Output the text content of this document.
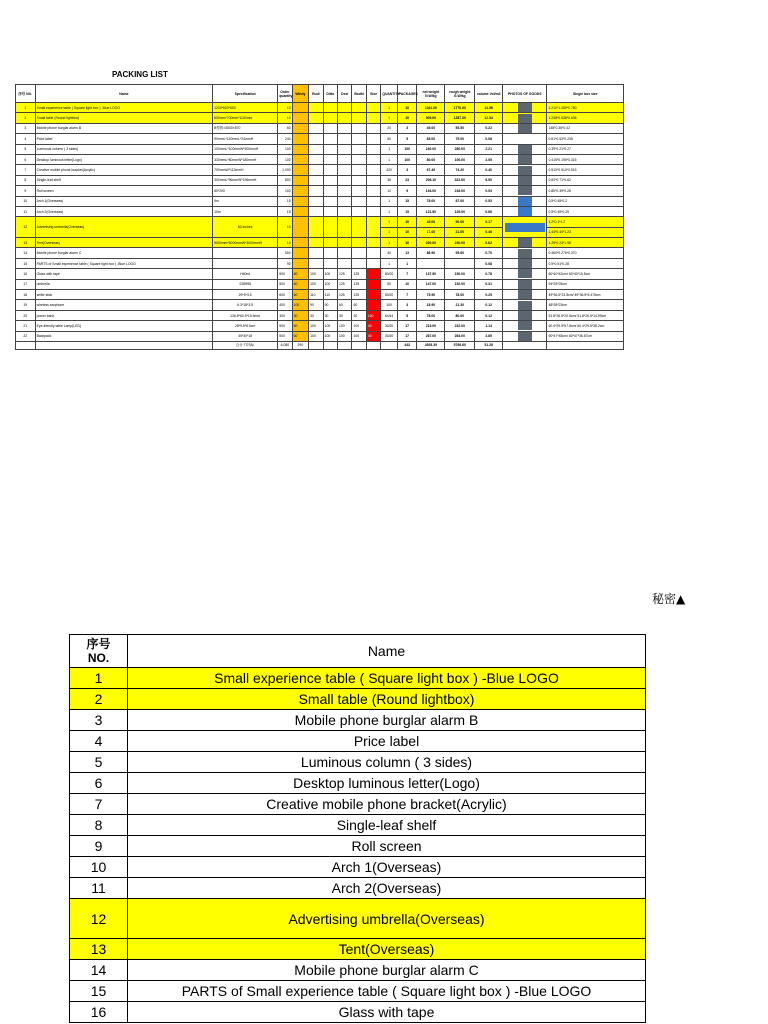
PACKING LIST
序号 NO.	Name	Specification	Order quantity	Windy	Rudi	Ditto	Dexi	Bodhi	Sise	QUANTITY	PACKAGES	net weight N.W/kg	rough weight G.W/kg	volume Vol/m3	PHOTOS OF GOODS	Single box size
1	Small experience table ( Square light box ) -Blue LOGO	1200*600*600	10							1	10	1162.00	1770.00	14.56		1.210*1.080*0.780
2	Small table (Round lightbox)	600mm*700mm*1100mm	10							1	10	909.00	1287.00	12.54		1.238*0.538*0.606
3	Mobile phone burglar alarm B	B型的×3500×570	60							20	3	49.00	55.50	0.22		148*0.36*0.42
4	Price label	90mmL*140mmL*24mmH	240							50	5	65.00	75.00	0.08		0.61*0.53*0.235
5	Luminous column ( 3 sides)	100mmL*100mmW*500mmH	100							1	100	240.00	280.00	2.21		0.39*0.21*0.27
6	Desktop luminous letter(Logo)	330mmL*80mmW*180mmH	100							1	100	80.00	100.00	2.55		0.415*0.195*0.315
7	Creative mobile phone bracket(Acrylic)	700mmW*112mmH	1,000							420	3	67.49	74.20	0.40		0.510*0.510*0.515
8	Single-leaf shelf	300mmL*96mmW*196mmH	800							36	23	208.10	322.60	6.50		0.63*0.71*0.62
9	Roll screen	80*200	100							12	9	194.00	216.00	0.93		0.85*0.39*0.28
10	Arch 1(Overseas)	9m	15							1	15	78.00	87.00	0.53		0.5*0.45*0.2
11	Arch 2(Overseas)	10m	15							1	15	121.50	129.00	0.66		0.5*0.45*0.29
12	Advertising umbrella(Overseas)	60 inches	10							1	10	45.00	50.00	0.17		1.2*0.1*1.2
										1	10	17.00	21.00	0.46		1.44*0.44*1.23
13	Tent(Overseas)	5000mm*5000mmW*3000mmH	10							1	10	220.00	230.00	0.62		1.25*0.23*1.55
14	Mobile phone burglar alarm C		500							40	13	86.90	95.60	0.70		0.460*0.276*0.370
15	PARTS of Small experience table ( Square light box ) -Blue LOGO		90							1	1			0.08		0.5*0.51*0.28
16	Glass with tape	H60ml	500	60	100	100	125	125		80/20	7	137.50	150.00	0.78		60*40*42cm/ 60*40*15.5cm
17	umbrella	S35998	500	60	100	100	125	125		50	10	147.00	152.00	0.31		94*28*25cm
18	selfie stick	29*5*3.5	600	60	110	110	125	125		80/20	7	75.90	78.00	0.25		49*36.5*23.5cm/ 49*36.5*5.475cm
19	wireless earphone	6.3*18*3.5	400	100	90	90	60	60		100	3	18.90	21.30	0.12		48*38*23cm
20	power bank	136.8*60.5*15.5mm	300	30	30	30	30	30	150	64/44	5	78.00	80.00	0.12		51.8*26.6*20.5cm/ 51.8*26.6*14.99cm
21	Eye-friendly table Lamp(LED)	28*9.5*8.5cm	500	60	100	100	100	100	40	30/20	17	219.00	232.00	1.14		60.4*29.5*57.5cm/ 60.4*29.5*38.2cm
22	Backpack	45*30*18	500	60	100	100	100	100	40	30/20	17	267.00	284.00	2.85		60*47*45cm/ 60*47*36.67cm
		合计 TOTAL	6,080	290							443	4393.39	5798.60	51.28		
秘密▲
序号
NO.	Name
1	Small experience table ( Square light box ) -Blue LOGO
2	Small table (Round lightbox)
3	Mobile phone burglar alarm B
4	Price label
5	Luminous column ( 3 sides)
6	Desktop luminous letter(Logo)
7	Creative mobile phone bracket(Acrylic)
8	Single-leaf shelf
9	Roll screen
10	Arch 1(Overseas)
11	Arch 2(Overseas)
12	Advertising umbrella(Overseas)
13	Tent(Overseas)
14	Mobile phone burglar alarm C
15	PARTS of Small experience table ( Square light box ) -Blue LOGO
16	Glass with tape
